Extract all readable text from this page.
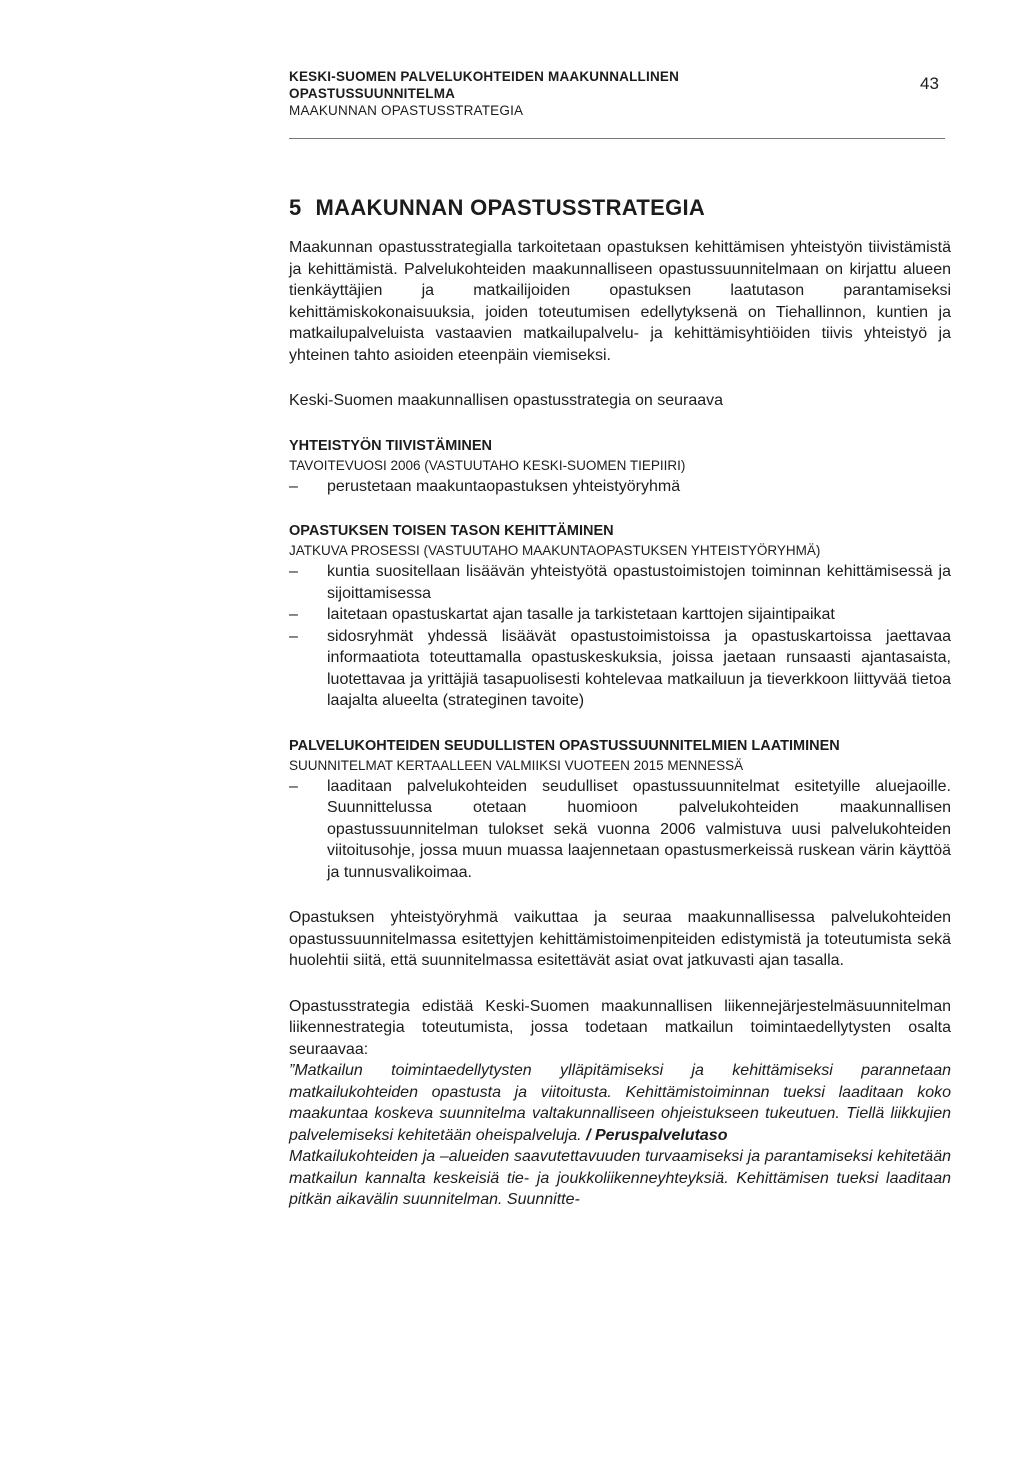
KESKI-SUOMEN PALVELUKOHTEIDEN MAAKUNNALLINEN
OPASTUSSUUNNITELMA
MAAKUNNAN OPASTUSSTRATEGIA
43
5 MAAKUNNAN OPASTUSSTRATEGIA

Maakunnan opastusstrategialla tarkoitetaan opastuksen kehittämisen yhteistyön tiivistämistä ja kehittämistä. Palvelukohteiden maakunnalliseen opastussuunnitelmaan on kirjattu alueen tienkäyttäjien ja matkailijoiden opastuksen laatutason parantamiseksi kehittämiskokonaisuuksia, joiden toteutumisen edellytyksenä on Tiehallinnon, kuntien ja matkailupalveluista vastaavien matkailupalvelu- ja kehittämisyhtiöiden tiivis yhteistyö ja yhteinen tahto asioiden eteenpäin viemiseksi.

Keski-Suomen maakunnallisen opastusstrategia on seuraava

YHTEISTYÖN TIIVISTÄMINEN
TAVOITEVUOSI 2006 (VASTUUTAHO KESKI-SUOMEN TIEPIIRI)
– perustetaan maakuntaopastuksen yhteistyöryhmä
OPASTUKSEN TOISEN TASON KEHITTÄMINEN
JATKUVA PROSESSI (VASTUUTAHO MAAKUNTAOPASTUKSEN YHTEISTYÖRYHMÄ)
– kuntia suositellaan lisäävän yhteistyötä opastustoimistojen toiminnan kehittämisessä ja sijoittamisessa
– laitetaan opastuskartat ajan tasalle ja tarkistetaan karttojen sijaintipaikat
– sidosryhmät yhdessä lisäävät opastustoimistoissa ja opastuskartoissa jaettavaa informaatiota toteuttamalla opastuskeskuksia, joissa jaetaan runsaasti ajantasaista, luotettavaa ja yrittäjiä tasapuolisesti kohtelevaa matkailuun ja tieverkkoon liittyvää tietoa laajalta alueelta (strateginen tavoite)
PALVELUKOHTEIDEN SEUDULLISTEN OPASTUSSUUNNITELMIEN LAATIMINEN
SUUNNITELMAT KERTAALLEEN VALMIIKSI VUOTEEN 2015 MENNESSÄ
– laaditaan palvelukohteiden seudulliset opastussuunnitelmat esitetyille aluejaoille. Suunnittelussa otetaan huomioon palvelukohteiden maakunnallisen opastussuunnitelman tulokset sekä vuonna 2006 valmistuva uusi palvelukohteiden viitoitusohje, jossa muun muassa laajennetaan opastusmerkeissä ruskean värin käyttöä ja tunnusvalikoimaa.

Opastuksen yhteistyöryhmä vaikuttaa ja seuraa maakunnallisessa palvelukohteiden opastussuunnitelmassa esitettyjen kehittämistoimenpiteiden edistymistä ja toteutumista sekä huolehtii siitä, että suunnitelmassa esitettävät asiat ovat jatkuvasti ajan tasalla.

Opastusstrategia edistää Keski-Suomen maakunnallisen liikennejärjestelmäsuunnitelman liikennestrategia toteutumista, jossa todetaan matkailun toimintaedellytysten osalta seuraavaa:

”Matkailun toimintaedellytysten ylläpitämiseksi ja kehittämiseksi parannetaan matkailukohteiden opastusta ja viitoitusta. Kehittämistoiminnan tueksi laaditaan koko maakuntaa koskeva suunnitelma valtakunnalliseen ohjeistukseen tukeutuen. Tiellä liikkujien palvelemiseksi kehitetään oheispalveluja. / Peruspalvelutaso

Matkailukohteiden ja –alueiden saavutettavuuden turvaamiseksi ja parantamiseksi kehitetään matkailun kannalta keskeisiä tie- ja joukkoliikenneyhteyksiä. Kehittämisen tueksi laaditaan pitkän aikavälin suunnitelman. Suunnitte-
